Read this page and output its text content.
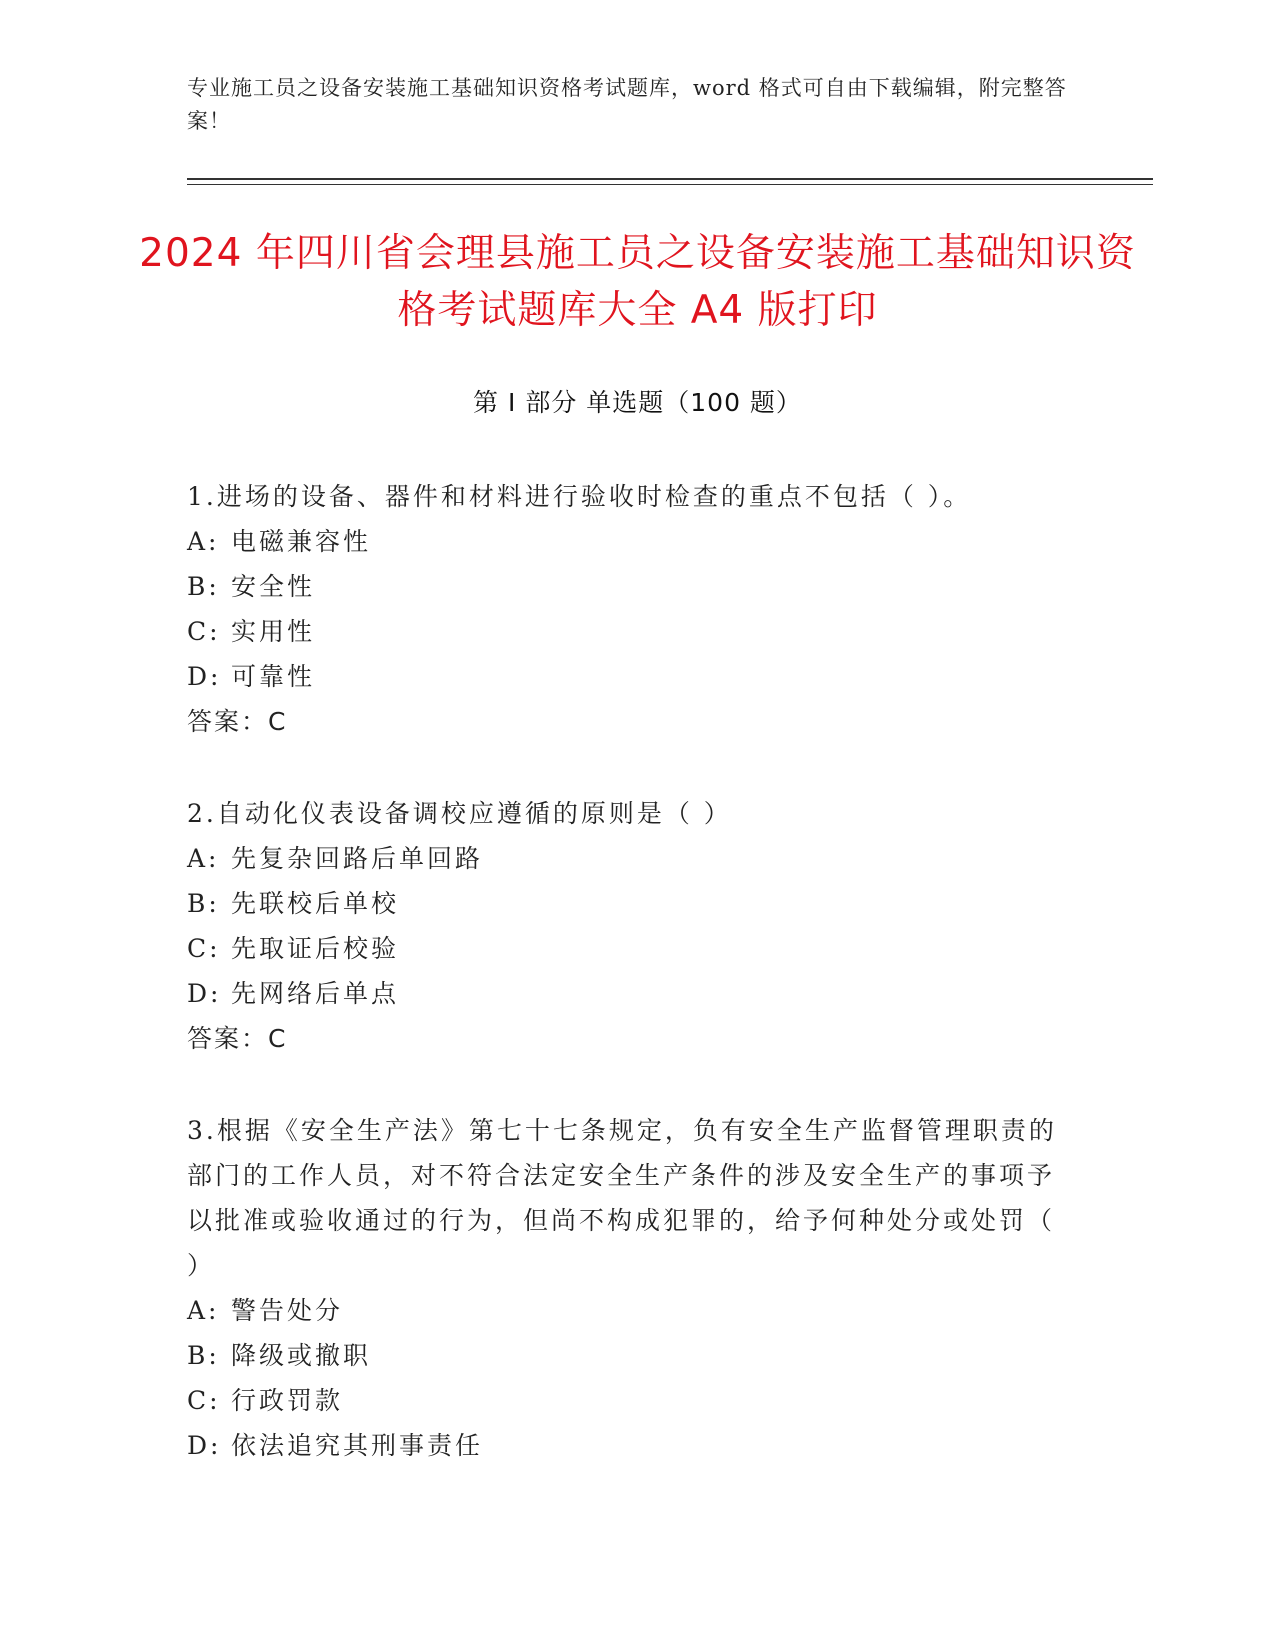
专业施工员之设备安装施工基础知识资格考试题库，word 格式可自由下载编辑，附完整答案！
2024 年四川省会理县施工员之设备安装施工基础知识资格考试题库大全 A4 版打印
第 I 部分 单选题（100 题）
1.进场的设备、器件和材料进行验收时检查的重点不包括（ ）。
A: 电磁兼容性
B: 安全性
C: 实用性
D: 可靠性
答案：C
2.自动化仪表设备调校应遵循的原则是（ ）
A: 先复杂回路后单回路
B: 先联校后单校
C: 先取证后校验
D: 先网络后单点
答案：C
3.根据《安全生产法》第七十七条规定，负有安全生产监督管理职责的部门的工作人员，对不符合法定安全生产条件的涉及安全生产的事项予以批准或验收通过的行为，但尚不构成犯罪的，给予何种处分或处罚（ ）
A: 警告处分
B: 降级或撤职
C: 行政罚款
D: 依法追究其刑事责任
